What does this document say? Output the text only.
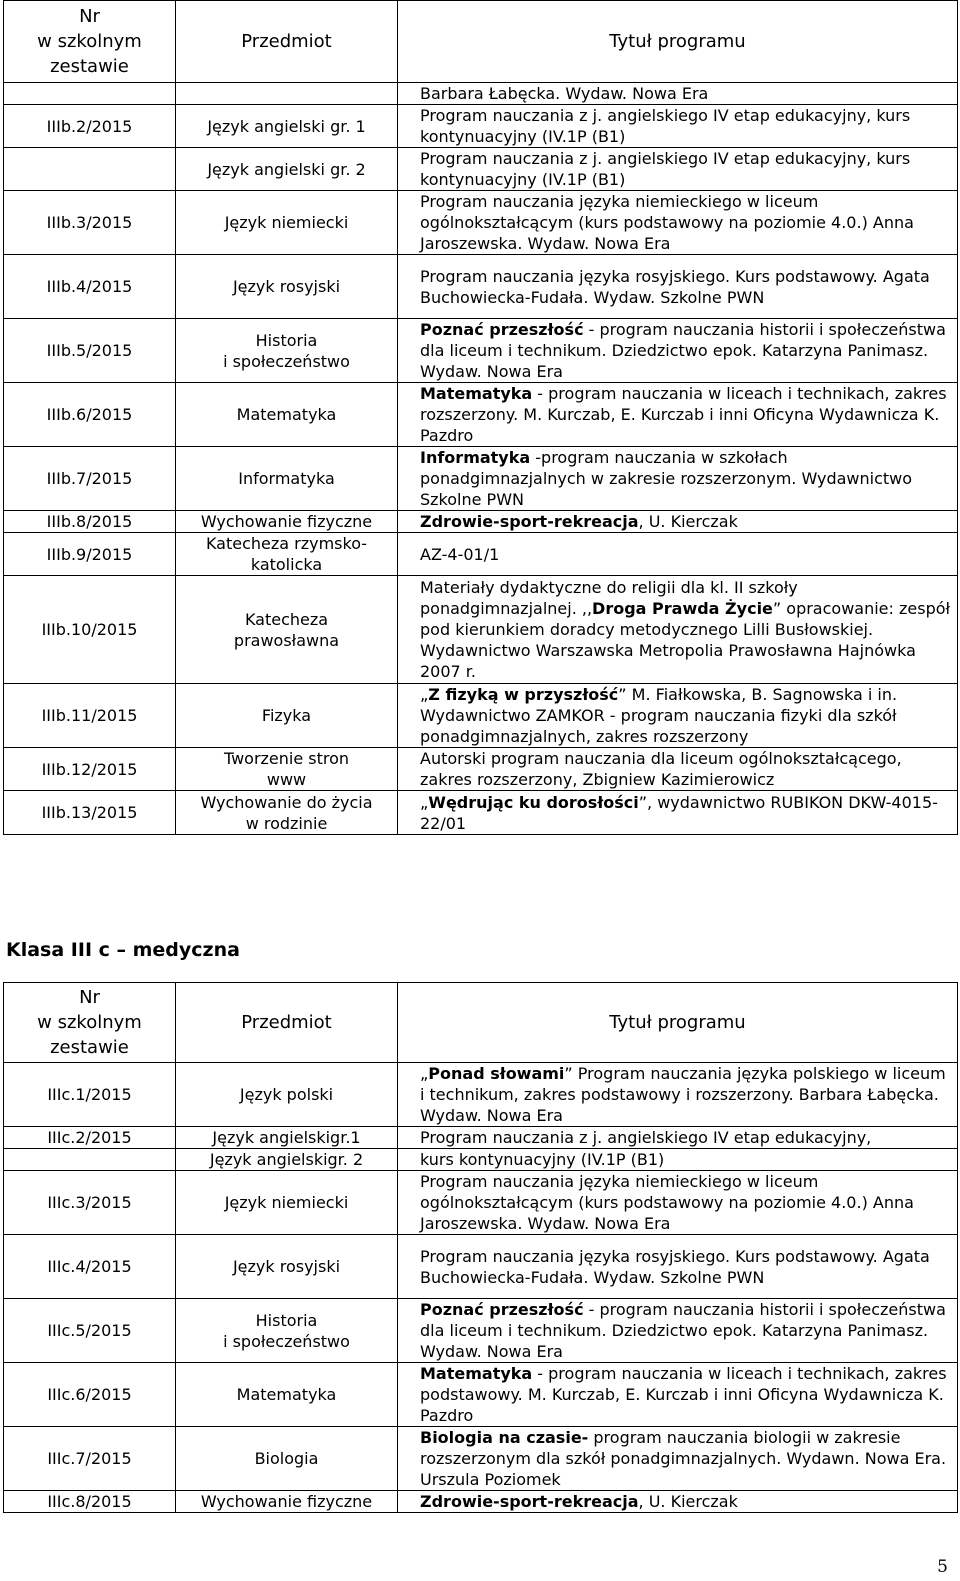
Nr
w szkolnym
zestawie	Przedmiot	Tytuł programu
		Barbara Łabęcka. Wydaw. Nowa Era
IIIb.2/2015	Język angielski gr. 1	Program nauczania z j. angielskiego IV etap edukacyjny, kurs kontynuacyjny (IV.1P (B1)
	Język angielski gr. 2	Program nauczania z j. angielskiego IV etap edukacyjny, kurs kontynuacyjny (IV.1P (B1)
IIIb.3/2015	Język niemiecki	Program nauczania języka niemieckiego w liceum ogólnokształcącym (kurs podstawowy na poziomie 4.0.) Anna Jaroszewska. Wydaw. Nowa Era
IIIb.4/2015	Język rosyjski	Program nauczania języka rosyjskiego. Kurs podstawowy. Agata Buchowiecka-Fudała. Wydaw. Szkolne PWN
IIIb.5/2015	Historia
i społeczeństwo	Poznać przeszłość - program nauczania historii i społeczeństwa dla liceum i technikum. Dziedzictwo epok. Katarzyna Panimasz. Wydaw. Nowa Era
IIIb.6/2015	Matematyka	Matematyka - program nauczania w liceach i technikach, zakres rozszerzony. M. Kurczab, E. Kurczab i inni Oficyna Wydawnicza K. Pazdro
IIIb.7/2015	Informatyka	Informatyka -program nauczania w szkołach ponadgimnazjalnych w zakresie rozszerzonym. Wydawnictwo Szkolne PWN
IIIb.8/2015	Wychowanie fizyczne	Zdrowie-sport-rekreacja, U. Kierczak
IIIb.9/2015	Katecheza rzymsko-
katolicka	AZ-4-01/1
IIIb.10/2015	Katecheza
prawosławna	Materiały dydaktyczne do religii dla kl. II szkoły ponadgimnazjalnej. ,,Droga Prawda Życie” opracowanie: zespół pod kierunkiem doradcy metodycznego Lilli Busłowskiej. Wydawnictwo Warszawska Metropolia Prawosławna Hajnówka 2007 r.
IIIb.11/2015	Fizyka	„Z fizyką w przyszłość” M. Fiałkowska, B. Sagnowska i in. Wydawnictwo ZAMKOR - program nauczania fizyki dla szkół ponadgimnazjalnych, zakres rozszerzony
IIIb.12/2015	Tworzenie stron
www	Autorski program nauczania dla liceum ogólnokształcącego, zakres rozszerzony, Zbigniew Kazimierowicz
IIIb.13/2015	Wychowanie do życia
w rodzinie	„Wędrując ku dorosłości”, wydawnictwo RUBIKON DKW-4015-22/01
Klasa III c – medyczna
Nr
w szkolnym
zestawie	Przedmiot	Tytuł programu
IIIc.1/2015	Język polski	„Ponad słowami” Program nauczania języka polskiego w liceum i technikum, zakres podstawowy i rozszerzony. Barbara Łabęcka. Wydaw. Nowa Era
IIIc.2/2015	Język angielskigr.1	Program nauczania z j. angielskiego IV etap edukacyjny,
	Język angielskigr. 2	kurs kontynuacyjny (IV.1P (B1)
IIIc.3/2015	Język niemiecki	Program nauczania języka niemieckiego w liceum ogólnokształcącym (kurs podstawowy na poziomie 4.0.) Anna Jaroszewska. Wydaw. Nowa Era
IIIc.4/2015	Język rosyjski	Program nauczania języka rosyjskiego. Kurs podstawowy. Agata Buchowiecka-Fudała. Wydaw. Szkolne PWN
IIIc.5/2015	Historia
i społeczeństwo	Poznać przeszłość - program nauczania historii i społeczeństwa dla liceum i technikum. Dziedzictwo epok. Katarzyna Panimasz. Wydaw. Nowa Era
IIIc.6/2015	Matematyka	Matematyka - program nauczania w liceach i technikach, zakres podstawowy. M. Kurczab, E. Kurczab i inni Oficyna Wydawnicza K. Pazdro
IIIc.7/2015	Biologia	Biologia na czasie- program nauczania biologii w zakresie rozszerzonym dla szkół ponadgimnazjalnych. Wydawn. Nowa Era. Urszula Poziomek
IIIc.8/2015	Wychowanie fizyczne	Zdrowie-sport-rekreacja, U. Kierczak
5
